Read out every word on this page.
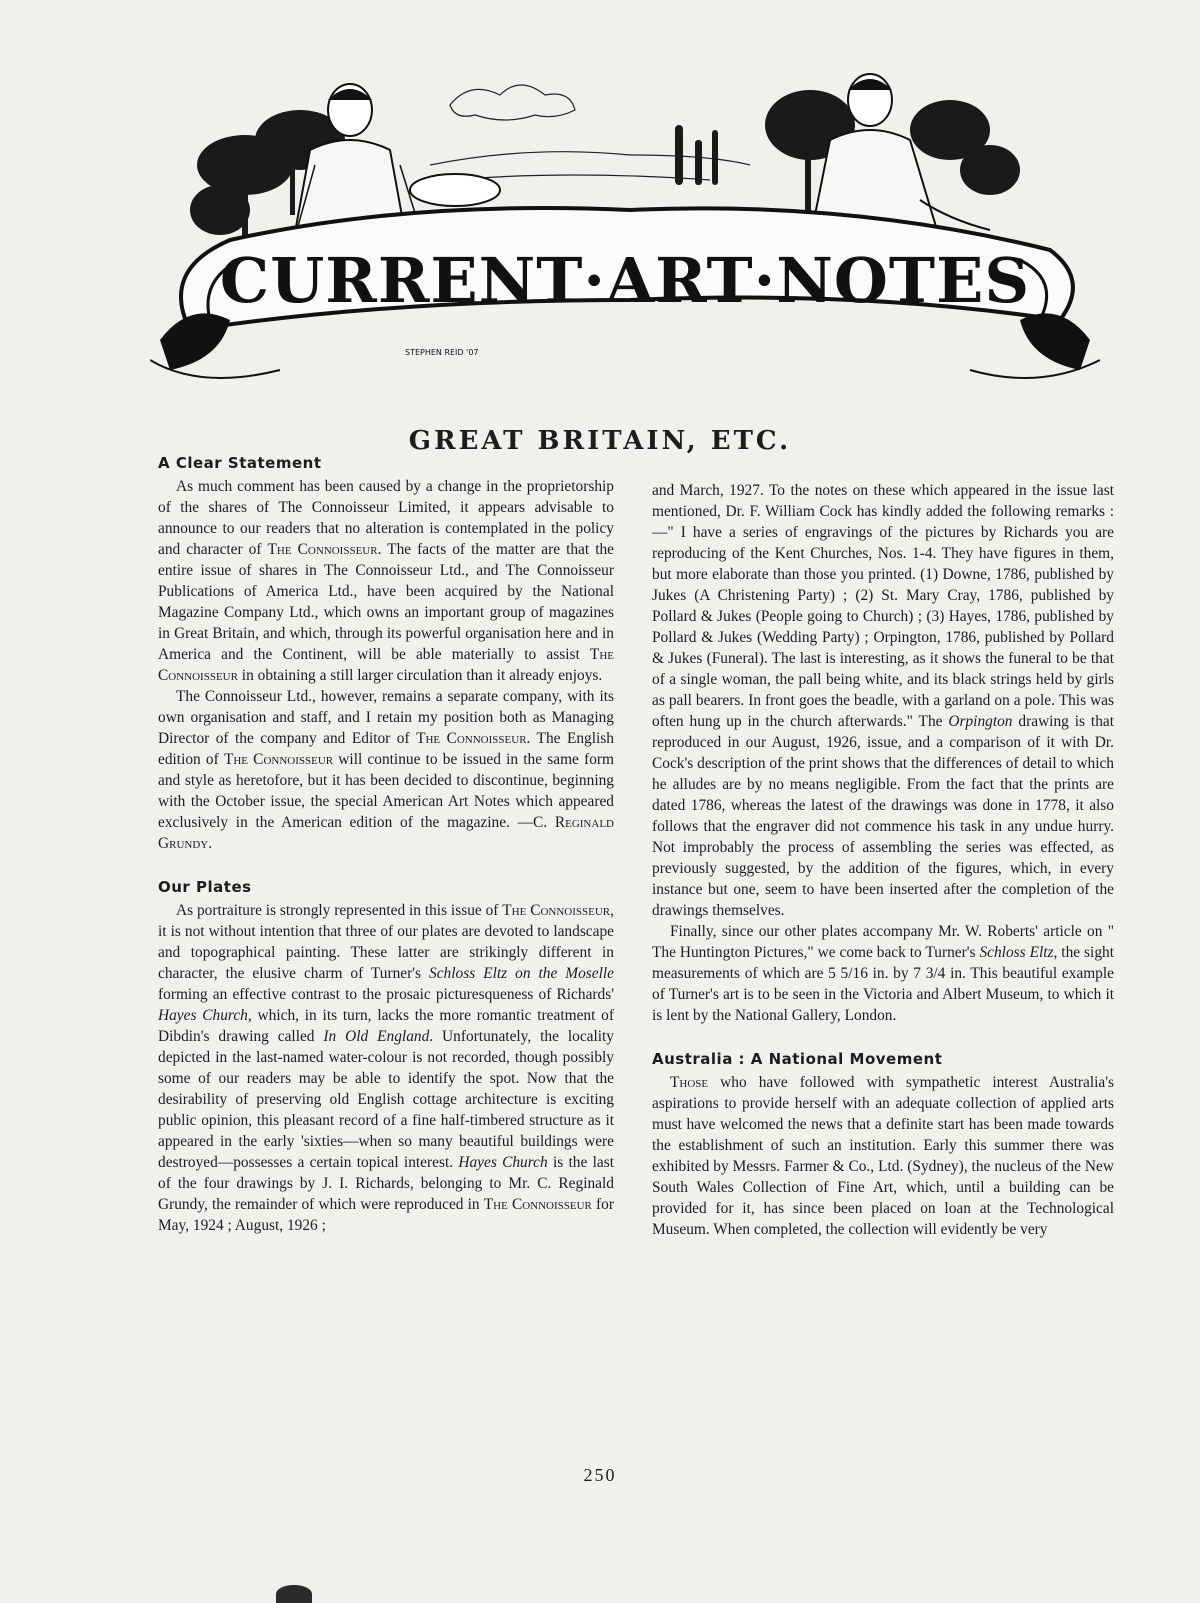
CURRENT·ART·NOTES
STEPHEN REID '07
GREAT BRITAIN, ETC.
A Clear Statement

As much comment has been caused by a change in the proprietorship of the shares of The Connoisseur Limited, it appears advisable to announce to our readers that no alteration is contemplated in the policy and character of The Connoisseur. The facts of the matter are that the entire issue of shares in The Connoisseur Ltd., and The Connoisseur Publications of America Ltd., have been acquired by the National Magazine Company Ltd., which owns an important group of magazines in Great Britain, and which, through its powerful organisation here and in America and the Continent, will be able materially to assist The Connoisseur in obtaining a still larger circulation than it already enjoys.

The Connoisseur Ltd., however, remains a separate company, with its own organisation and staff, and I retain my position both as Managing Director of the company and Editor of The Connoisseur. The English edition of The Connoisseur will continue to be issued in the same form and style as heretofore, but it has been decided to discontinue, beginning with the October issue, the special American Art Notes which appeared exclusively in the American edition of the magazine. —C. Reginald Grundy.

Our Plates

As portraiture is strongly represented in this issue of The Connoisseur, it is not without intention that three of our plates are devoted to landscape and topographical painting. These latter are strikingly different in character, the elusive charm of Turner's Schloss Eltz on the Moselle forming an effective contrast to the prosaic picturesqueness of Richards' Hayes Church, which, in its turn, lacks the more romantic treatment of Dibdin's drawing called In Old England. Unfortunately, the locality depicted in the last-named water-colour is not recorded, though possibly some of our readers may be able to identify the spot. Now that the desirability of preserving old English cottage architecture is exciting public opinion, this pleasant record of a fine half-timbered structure as it appeared in the early 'sixties—when so many beautiful buildings were destroyed—possesses a certain topical interest. Hayes Church is the last of the four drawings by J. I. Richards, belonging to Mr. C. Reginald Grundy, the remainder of which were reproduced in The Connoisseur for May, 1924 ; August, 1926 ;

and March, 1927. To the notes on these which appeared in the issue last mentioned, Dr. F. William Cock has kindly added the following remarks :—" I have a series of engravings of the pictures by Richards you are reproducing of the Kent Churches, Nos. 1-4. They have figures in them, but more elaborate than those you printed. (1) Downe, 1786, published by Jukes (A Christening Party) ; (2) St. Mary Cray, 1786, published by Pollard & Jukes (People going to Church) ; (3) Hayes, 1786, published by Pollard & Jukes (Wedding Party) ; Orpington, 1786, published by Pollard & Jukes (Funeral). The last is interesting, as it shows the funeral to be that of a single woman, the pall being white, and its black strings held by girls as pall bearers. In front goes the beadle, with a garland on a pole. This was often hung up in the church afterwards." The Orpington drawing is that reproduced in our August, 1926, issue, and a comparison of it with Dr. Cock's description of the print shows that the differences of detail to which he alludes are by no means negligible. From the fact that the prints are dated 1786, whereas the latest of the drawings was done in 1778, it also follows that the engraver did not commence his task in any undue hurry. Not improbably the process of assembling the series was effected, as previously suggested, by the addition of the figures, which, in every instance but one, seem to have been inserted after the completion of the drawings themselves.

Finally, since our other plates accompany Mr. W. Roberts' article on " The Huntington Pictures," we come back to Turner's Schloss Eltz, the sight measurements of which are 5 5/16 in. by 7 3/4 in. This beautiful example of Turner's art is to be seen in the Victoria and Albert Museum, to which it is lent by the National Gallery, London.

Australia : A National Movement

Those who have followed with sympathetic interest Australia's aspirations to provide herself with an adequate collection of applied arts must have welcomed the news that a definite start has been made towards the establishment of such an institution. Early this summer there was exhibited by Messrs. Farmer & Co., Ltd. (Sydney), the nucleus of the New South Wales Collection of Fine Art, which, until a building can be provided for it, has since been placed on loan at the Technological Museum. When completed, the collection will evidently be very

250
